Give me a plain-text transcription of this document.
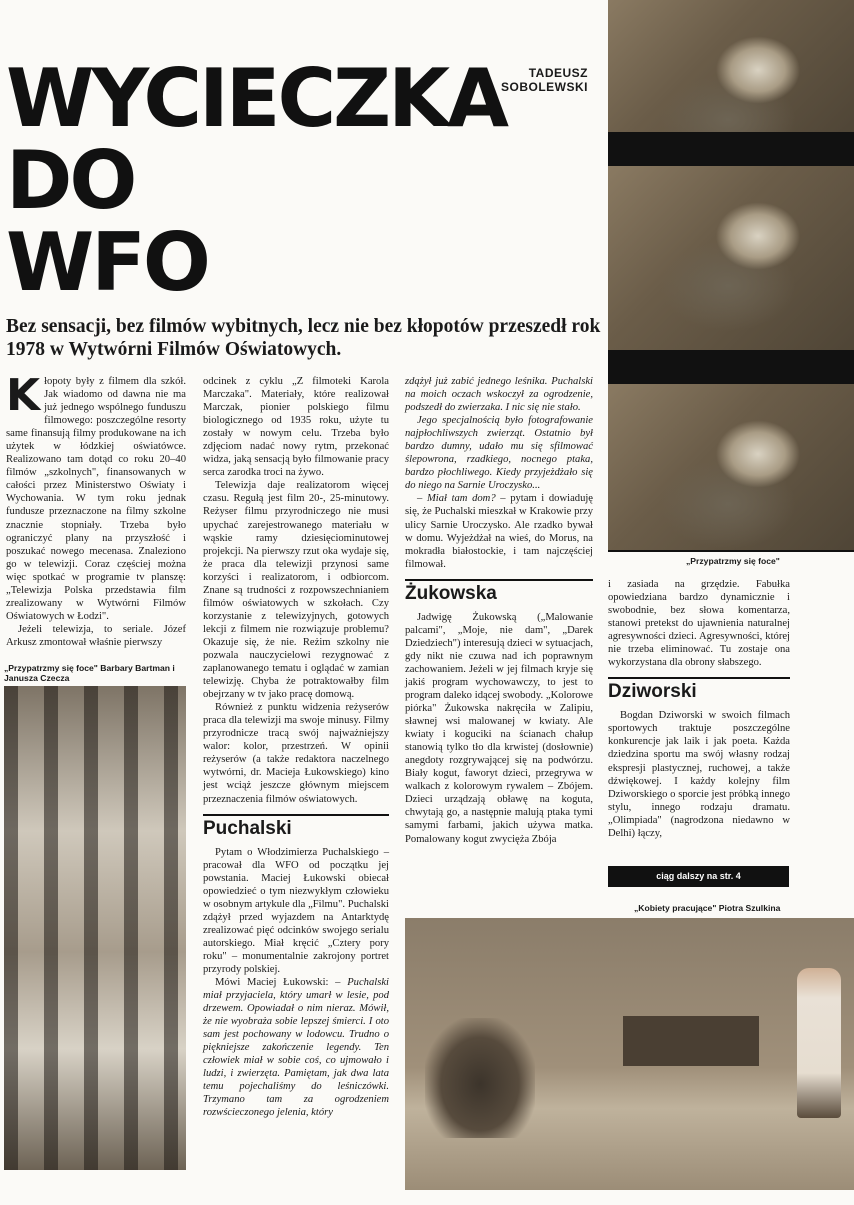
WYCIECZKA
DO
WFO
TADEUSZ
SOBOLEWSKI
„Przypatrzmy się foce"
Bez sensacji, bez filmów wybitnych, lecz nie bez kłopotów przeszedł rok 1978 w Wytwórni Filmów Oświatowych.

Kłopoty były z filmem dla szkół. Jak wiadomo od dawna nie ma już jednego wspólnego funduszu filmowego: poszczególne resorty same finansują filmy produkowane na ich użytek w łódzkiej oświatówce. Realizowano tam dotąd co roku 20–40 filmów „szkolnych", finansowanych w całości przez Ministerstwo Oświaty i Wychowania. W tym roku jednak fundusze przeznaczone na filmy szkolne znacznie stopniały. Trzeba było ograniczyć plany na przyszłość i poszukać nowego mecenasa. Znaleziono go w telewizji. Coraz częściej można więc spotkać w programie tv planszę: „Telewizja Polska przedstawia film zrealizowany w Wytwórni Filmów Oświatowych w Łodzi".

Jeżeli telewizja, to seriale. Józef Arkusz zmontował właśnie pierwszy

„Przypatrzmy się foce" Barbary Bartman i Janusza Czecza

odcinek z cyklu „Z filmoteki Karola Marczaka". Materiały, które realizował Marczak, pionier polskiego filmu biologicznego od 1935 roku, użyte tu zostały w nowym celu. Trzeba było zdjęciom nadać nowy rytm, przekonać widza, jaką sensacją było filmowanie pracy serca zarodka troci na żywo.

Telewizja daje realizatorom więcej czasu. Regułą jest film 20-, 25-minutowy. Reżyser filmu przyrodniczego nie musi upychać zarejestrowanego materiału w wąskie ramy dziesięciominutowej projekcji. Na pierwszy rzut oka wydaje się, że praca dla telewizji przynosi same korzyści i realizatorom, i odbiorcom. Znane są trudności z rozpowszechnianiem filmów oświatowych w szkołach. Czy korzystanie z telewizyjnych, gotowych lekcji z filmem nie rozwiązuje problemu? Okazuje się, że nie. Reżim szkolny nie pozwala nauczycielowi rezygnować z zaplanowanego tematu i oglądać w zamian telewizję. Chyba że potraktowałby film obejrzany w tv jako pracę domową.

Również z punktu widzenia reżyserów praca dla telewizji ma swoje minusy. Filmy przyrodnicze tracą swój najważniejszy walor: kolor, przestrzeń. W opinii reżyserów (a także redaktora naczelnego wytwórni, dr. Macieja Łukowskiego) kino jest wciąż jeszcze głównym miejscem przeznaczenia filmów oświatowych.

Puchalski

Pytam o Włodzimierza Puchalskiego – pracował dla WFO od początku jej powstania. Maciej Łukowski obiecał opowiedzieć o tym niezwykłym człowieku w osobnym artykule dla „Filmu". Puchalski zdążył przed wyjazdem na Antarktydę zrealizować pięć odcinków swojego serialu autorskiego. Miał kręcić „Cztery pory roku" – monumentalnie zakrojony portret przyrody polskiej.

Mówi Maciej Łukowski: – Puchalski miał przyjaciela, który umarł w lesie, pod drzewem. Opowiadał o nim nieraz. Mówił, że nie wyobraża sobie lepszej śmierci. I oto sam jest pochowany w lodowcu. Trudno o piękniejsze zakończenie legendy. Ten człowiek miał w sobie coś, co ujmowało i ludzi, i zwierzęta. Pamiętam, jak dwa lata temu pojechaliśmy do leśniczówki. Trzymano tam za ogrodzeniem rozwścieczonego jelenia, który

zdążył już zabić jednego leśnika. Puchalski na moich oczach wskoczył za ogrodzenie, podszedł do zwierzaka. I nic się nie stało.

Jego specjalnością było fotografowanie najpłochliwszych zwierząt. Ostatnio był bardzo dumny, udało mu się sfilmować ślepowrona, rzadkiego, nocnego ptaka, bardzo płochliwego. Kiedy przyjeżdżało się do niego na Sarnie Uroczysko...

– Miał tam dom? – pytam i dowiaduję się, że Puchalski mieszkał w Krakowie przy ulicy Sarnie Uroczysko. Ale rzadko bywał w domu. Wyjeżdżał na wieś, do Morus, na mokradła białostockie, i tam najczęściej filmował.

Żukowska

Jadwigę Żukowską („Malowanie palcami", „Moje, nie dam", „Darek Dziedziech") interesują dzieci w sytuacjach, gdy nikt nie czuwa nad ich poprawnym zachowaniem. Jeżeli w jej filmach kryje się jakiś program wychowawczy, to jest to program daleko idącej swobody. „Kolorowe piórka" Żukowska nakręciła w Zalipiu, sławnej wsi malowanej w kwiaty. Ale kwiaty i koguciki na ścianach chałup stanowią tylko tło dla krwistej (dosłownie) anegdoty rozgrywającej się na podwórzu. Biały kogut, faworyt dzieci, przegrywa w walkach z kolorowym rywalem – Zbójem. Dzieci urządzają obławę na koguta, chwytają go, a następnie malują ptaka tymi samymi farbami, jakich używa matka. Pomalowany kogut zwycięża Zbója

i zasiada na grzędzie. Fabułka opowiedziana bardzo dynamicznie i swobodnie, bez słowa komentarza, stanowi pretekst do ujawnienia naturalnej agresywności dzieci. Agresywności, której nie trzeba eliminować. Tu zostaje ona wykorzystana dla obrony słabszego.

Dziworski

Bogdan Dziworski w swoich filmach sportowych traktuje poszczególne konkurencje jak laik i jak poeta. Każda dziedzina sportu ma swój własny rodzaj ekspresji plastycznej, ruchowej, a także dźwiękowej. I każdy kolejny film Dziworskiego o sporcie jest próbką innego stylu, innego rodzaju dramatu. „Olimpiada" (nagrodzona niedawno w Delhi) łączy,

ciąg dalszy na str. 4
„Kobiety pracujące" Piotra Szulkina
